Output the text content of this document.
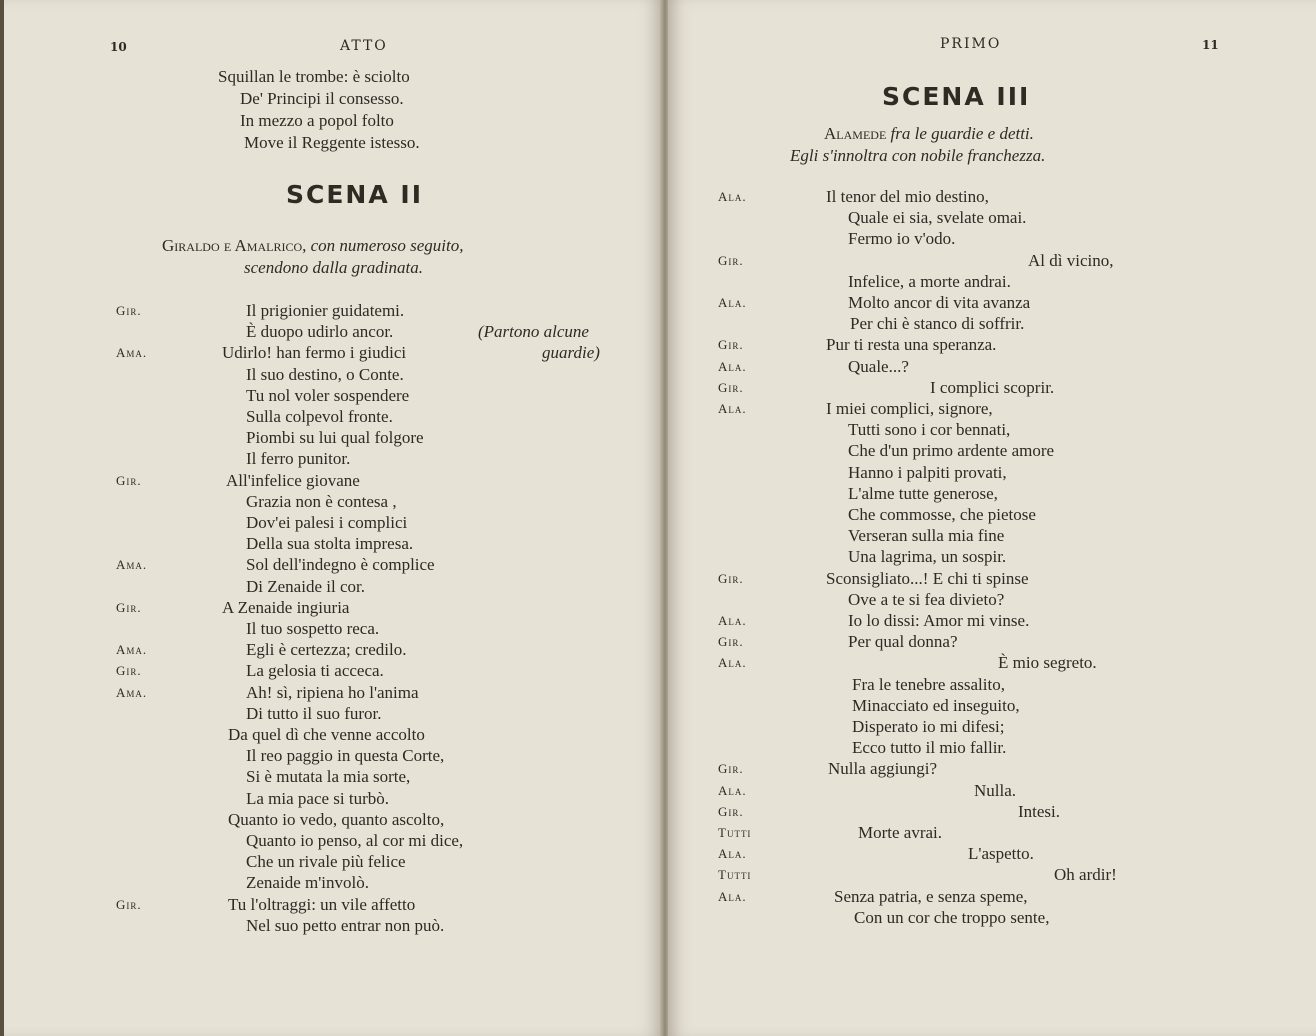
10	ATTO
Squillan le trombe: è sciolto
De' Principi il consesso.
In mezzo a popol folto
Move il Reggente istesso.
SCENA II
Giraldo e Amalrico, con numeroso seguito,
scendono dalla gradinata.
Gir.	Il prigionier guidatemi.
È duopo udirlo ancor.	(Partono alcune
Ama.	Udirlo! han fermo i giudici	guardie)
Il suo destino, o Conte.
Tu nol voler sospendere
Sulla colpevol fronte.
Piombi su lui qual folgore
Il ferro punitor.
Gir.	All'infelice giovane
Grazia non è contesa ,
Dov'ei palesi i complici
Della sua stolta impresa.
Ama.	Sol dell'indegno è complice
Di Zenaide il cor.
Gir.	A Zenaide ingiuria
Il tuo sospetto reca.
Ama.	Egli è certezza; credilo.
Gir.	La gelosia ti acceca.
Ama.	Ah! sì, ripiena ho l'anima
Di tutto il suo furor.
Da quel dì che venne accolto
Il reo paggio in questa Corte,
Si è mutata la mia sorte,
La mia pace si turbò.
Quanto io vedo, quanto ascolto,
Quanto io penso, al cor mi dice,
Che un rivale più felice
Zenaide m'involò.
Gir.	Tu l'oltraggi: un vile affetto
Nel suo petto entrar non può.
PRIMO	11
SCENA III
Alamede fra le guardie e detti.
Egli s'innoltra con nobile franchezza.
Ala.	Il tenor del mio destino,
Quale ei sia, svelate omai.
Fermo io v'odo.
Gir.	Al dì vicino,
Infelice, a morte andrai.
Ala.	Molto ancor di vita avanza
Per chi è stanco di soffrir.
Gir.	Pur ti resta una speranza.
Ala.	Quale...?
Gir.	I complici scoprir.
Ala.	I miei complici, signore,
Tutti sono i cor bennati,
Che d'un primo ardente amore
Hanno i palpiti provati,
L'alme tutte generose,
Che commosse, che pietose
Verseran sulla mia fine
Una lagrima, un sospir.
Gir.	Sconsigliato...! E chi ti spinse
Ove a te si fea divieto?
Ala.	Io lo dissi: Amor mi vinse.
Gir.	Per qual donna?
Ala.	È mio segreto.
Fra le tenebre assalito,
Minacciato ed inseguito,
Disperato io mi difesi;
Ecco tutto il mio fallir.
Gir.	Nulla aggiungi?
Ala.	Nulla.
Gir.	Intesi.
Tutti	Morte avrai.
Ala.	L'aspetto.
Tutti	Oh ardir!
Ala.	Senza patria, e senza speme,
Con un cor che troppo sente,
